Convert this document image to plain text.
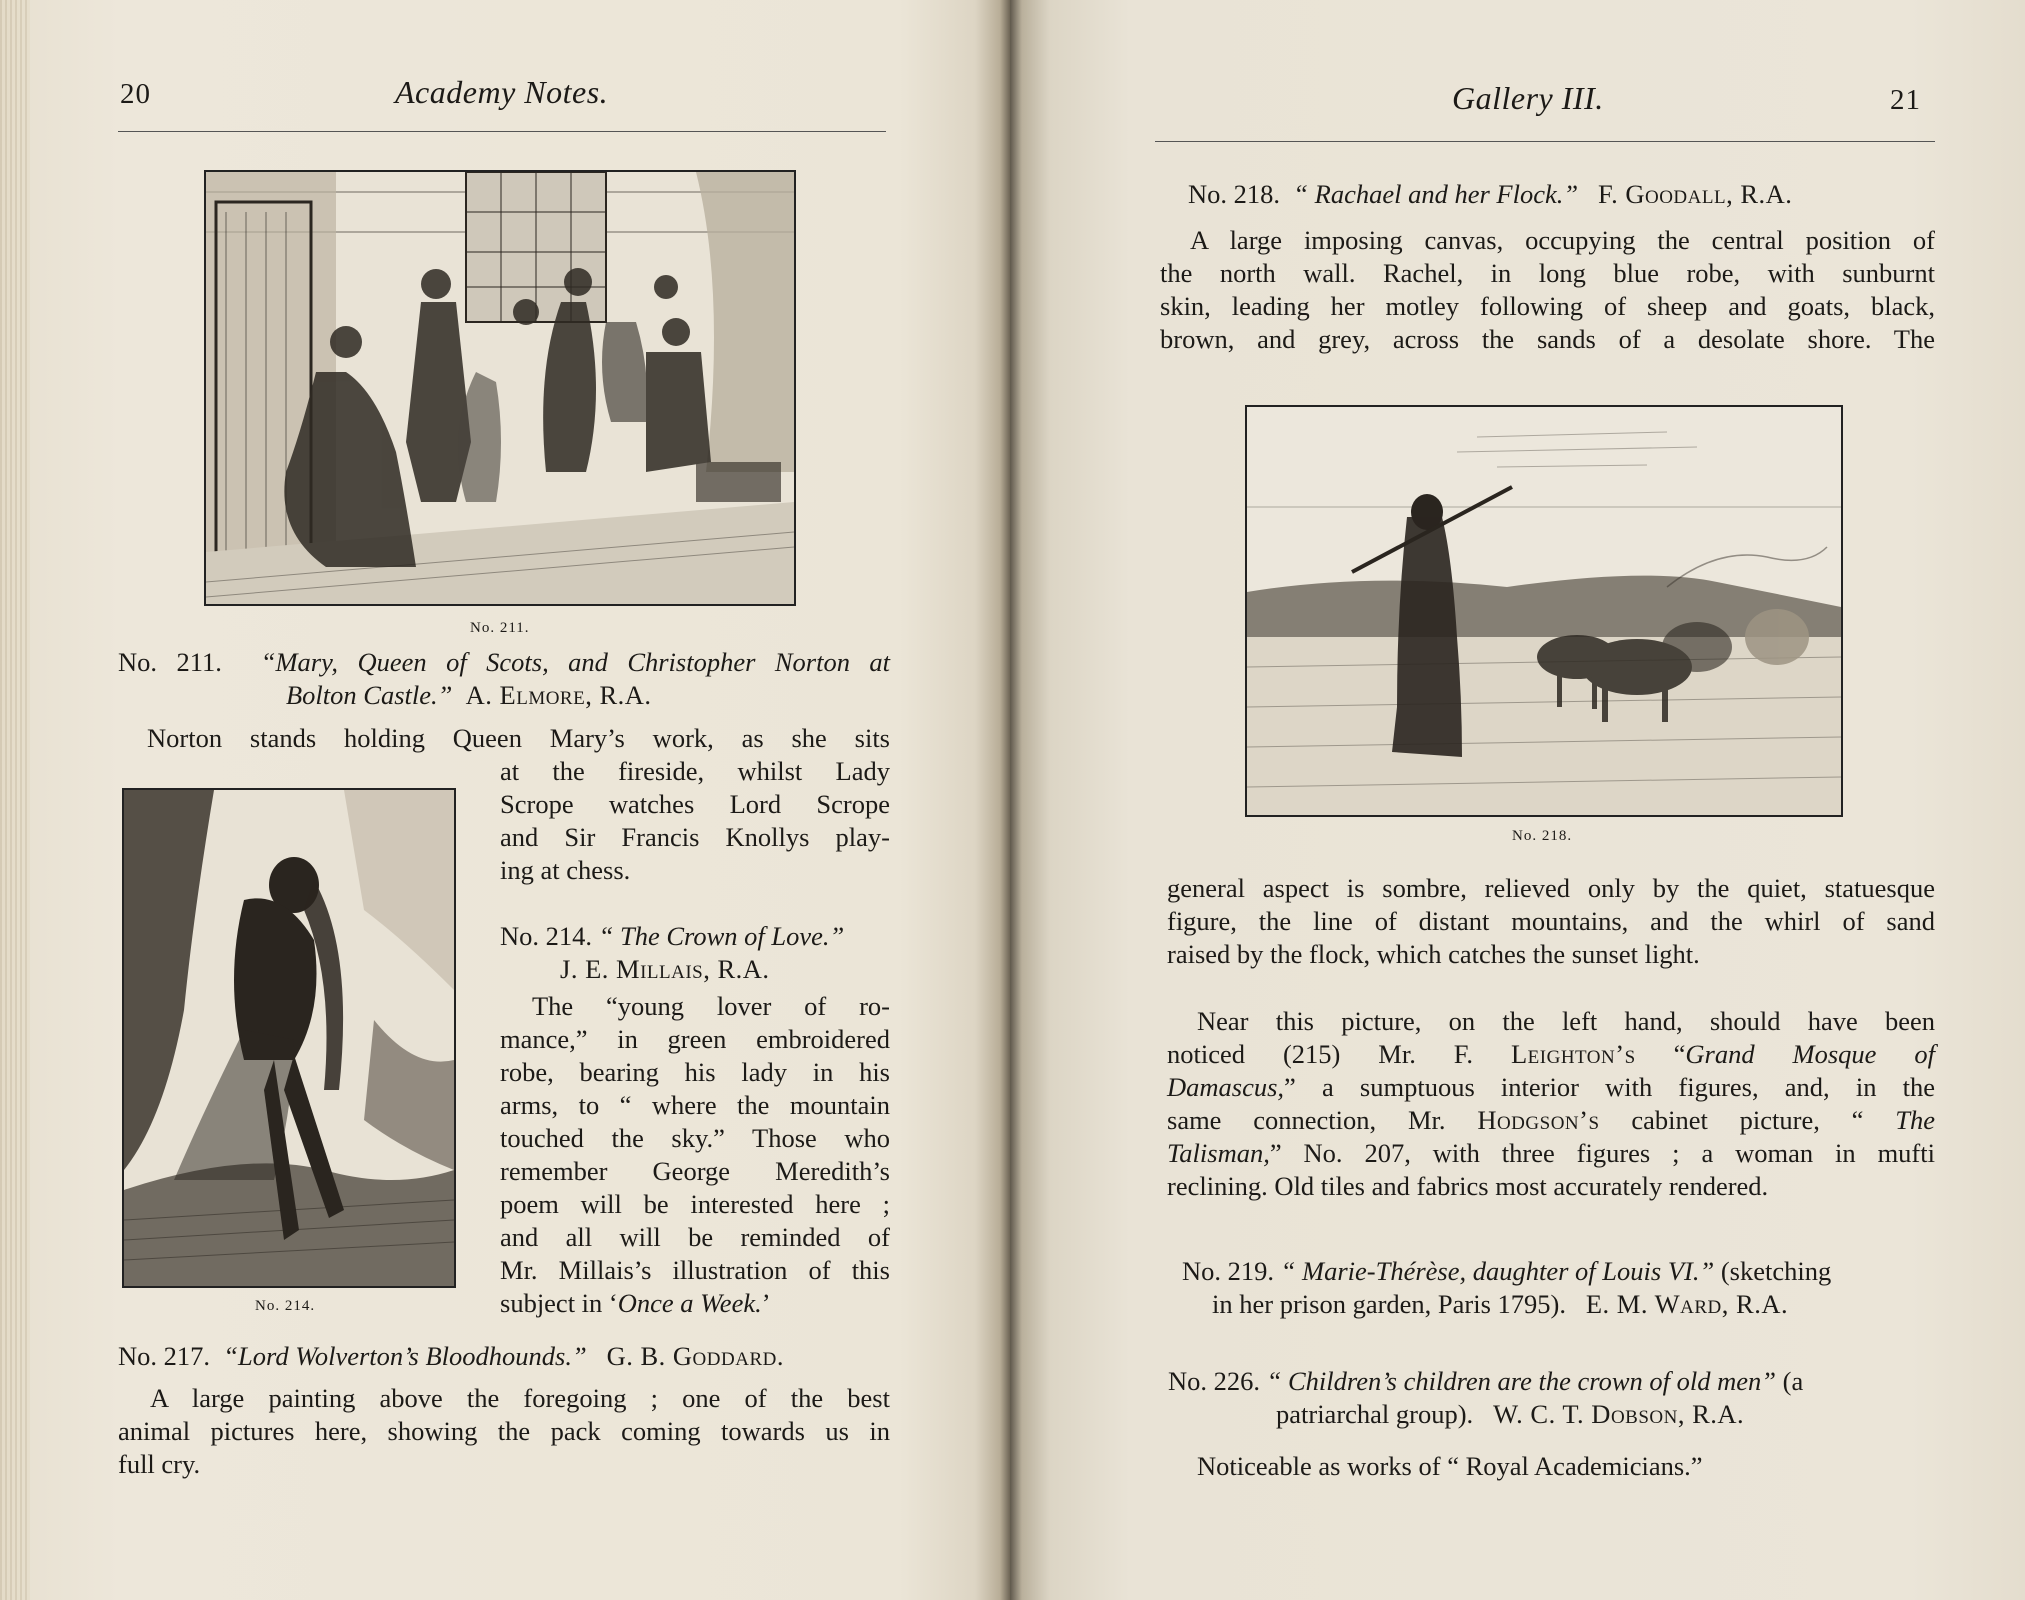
20	Academy Notes.
No. 211.
No. 211. “Mary, Queen of Scots, and Christopher Norton at
Bolton Castle.” A. Elmore, R.A.
Norton stands holding Queen Mary’s work, as she sits
at the fireside, whilst Lady
Scrope watches Lord Scrope
and Sir Francis Knollys play-
ing at chess.
No. 214.
No. 214. “ The Crown of Love.”
J. E. Millais, R.A.
The “young lover of ro-
mance,” in green embroidered
robe, bearing his lady in his
arms, to “ where the mountain
touched the sky.” Those who
remember George Meredith’s
poem will be interested here ;
and all will be reminded of
Mr. Millais’s illustration of this
subject in ‘Once a Week.’
No. 217. “Lord Wolverton’s Bloodhounds.” G. B. Goddard.
A large painting above the foregoing ; one of the best
animal pictures here, showing the pack coming towards us in
full cry.
Gallery III.	21
No. 218. “ Rachael and her Flock.” F. Goodall, R.A.
A large imposing canvas, occupying the central position of
the north wall. Rachel, in long blue robe, with sunburnt
skin, leading her motley following of sheep and goats, black,
brown, and grey, across the sands of a desolate shore. The
No. 218.
general aspect is sombre, relieved only by the quiet, statuesque
figure, the line of distant mountains, and the whirl of sand
raised by the flock, which catches the sunset light.
Near this picture, on the left hand, should have been
noticed (215) Mr. F. Leighton’s “Grand Mosque of
Damascus,” a sumptuous interior with figures, and, in the
same connection, Mr. Hodgson’s cabinet picture, “ The
Talisman,” No. 207, with three figures ; a woman in mufti
reclining. Old tiles and fabrics most accurately rendered.
No. 219. “ Marie-Thérèse, daughter of Louis VI.” (sketching
in her prison garden, Paris 1795). E. M. Ward, R.A.
No. 226. “ Children’s children are the crown of old men” (a
patriarchal group). W. C. T. Dobson, R.A.
Noticeable as works of “ Royal Academicians.”
